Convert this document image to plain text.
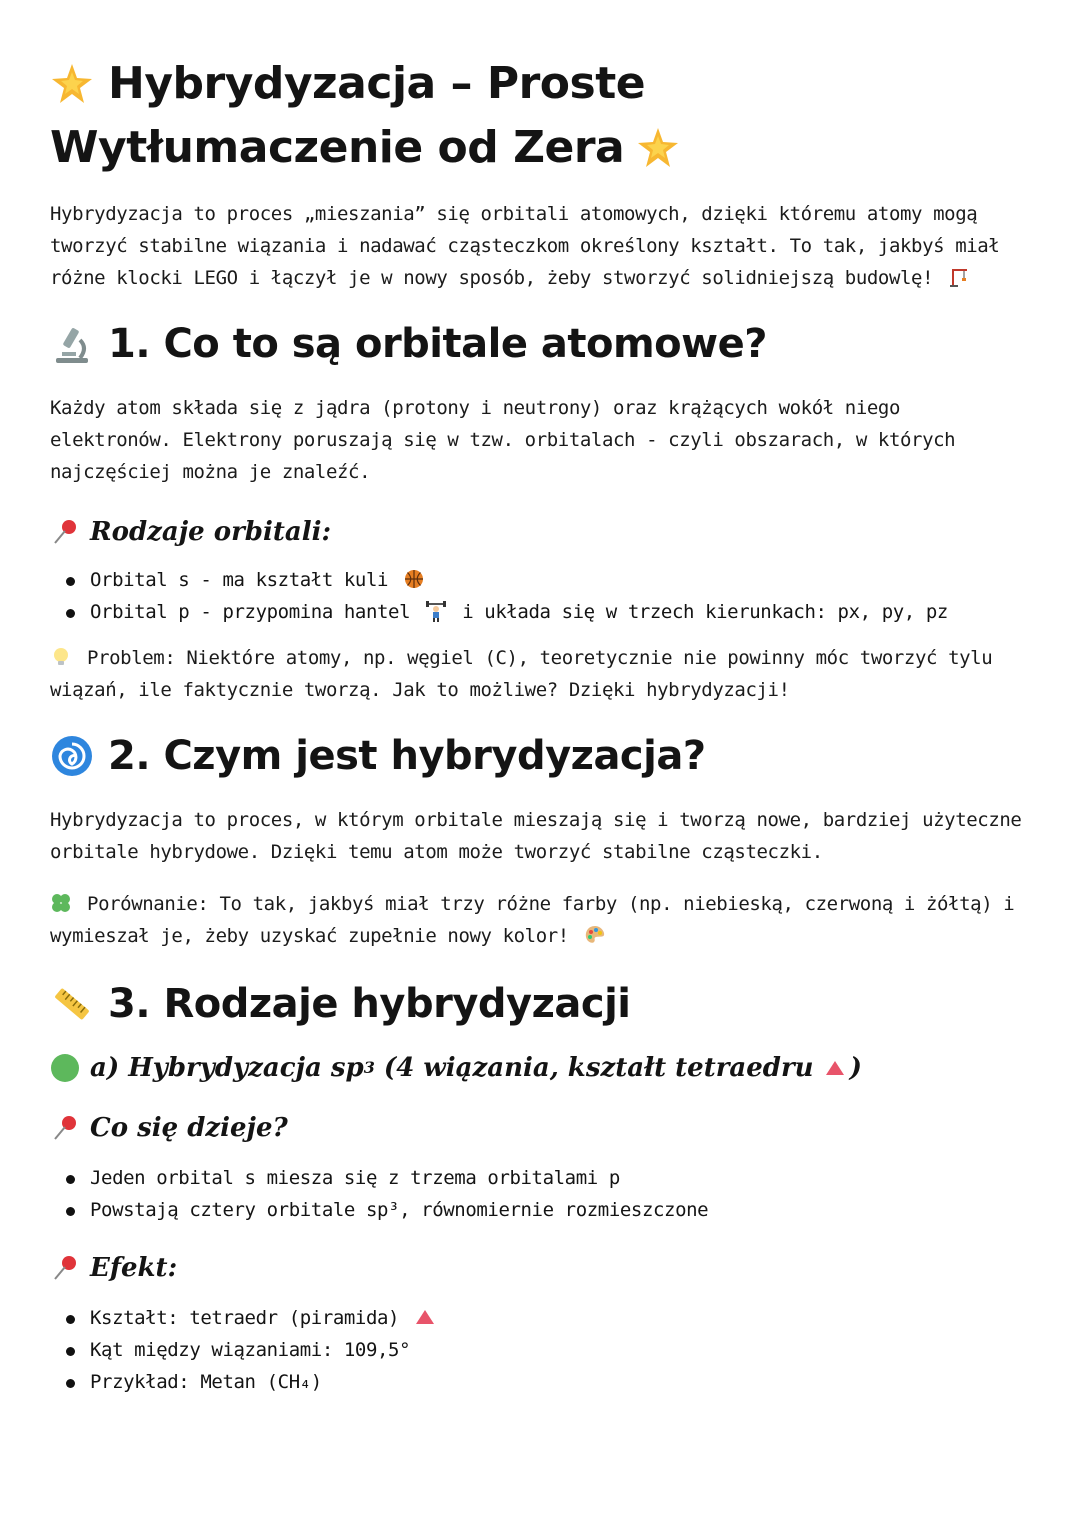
Hybrydyzacja – Proste
Wytłumaczenie od Zera

Hybrydyzacja to proces „mieszania” się orbitali atomowych, dzięki któremu atomy mogą tworzyć stabilne wiązania i nadawać cząsteczkom określony kształt. To tak, jakbyś miał różne klocki LEGO i łączył je w nowy sposób, żeby stworzyć solidniejszą budowlę!

1. Co to są orbitale atomowe?

Każdy atom składa się z jądra (protony i neutrony) oraz krążących wokół niego elektronów. Elektrony poruszają się w tzw. orbitalach - czyli obszarach, w których najczęściej można je znaleźć.

Rodzaje orbitali:
Orbital s - ma kształt kuli
Orbital p - przypomina hantel	i układa się w trzech kierunkach: px, py, pz

Problem: Niektóre atomy, np. węgiel (C), teoretycznie nie powinny móc tworzyć tylu wiązań, ile faktycznie tworzą. Jak to możliwe? Dzięki hybrydyzacji!

2. Czym jest hybrydyzacja?

Hybrydyzacja to proces, w którym orbitale mieszają się i tworzą nowe, bardziej użyteczne orbitale hybrydowe. Dzięki temu atom może tworzyć stabilne cząsteczki.

Porównanie: To tak, jakbyś miał trzy różne farby (np. niebieską, czerwoną i żółtą) i wymieszał je, żeby uzyskać zupełnie nowy kolor!

3. Rodzaje hybrydyzacji
a) Hybrydyzacja sp 3 (4 wiązania, kształt tetraedru )
Co się dzieje?
Jeden orbital s miesza się z trzema orbitalami p
Powstają cztery orbitale sp³, równomiernie rozmieszczone
Efekt:
Kształt: tetraedr (piramida)
Kąt między wiązaniami: 109,5°
Przykład: Metan (CH₄)
